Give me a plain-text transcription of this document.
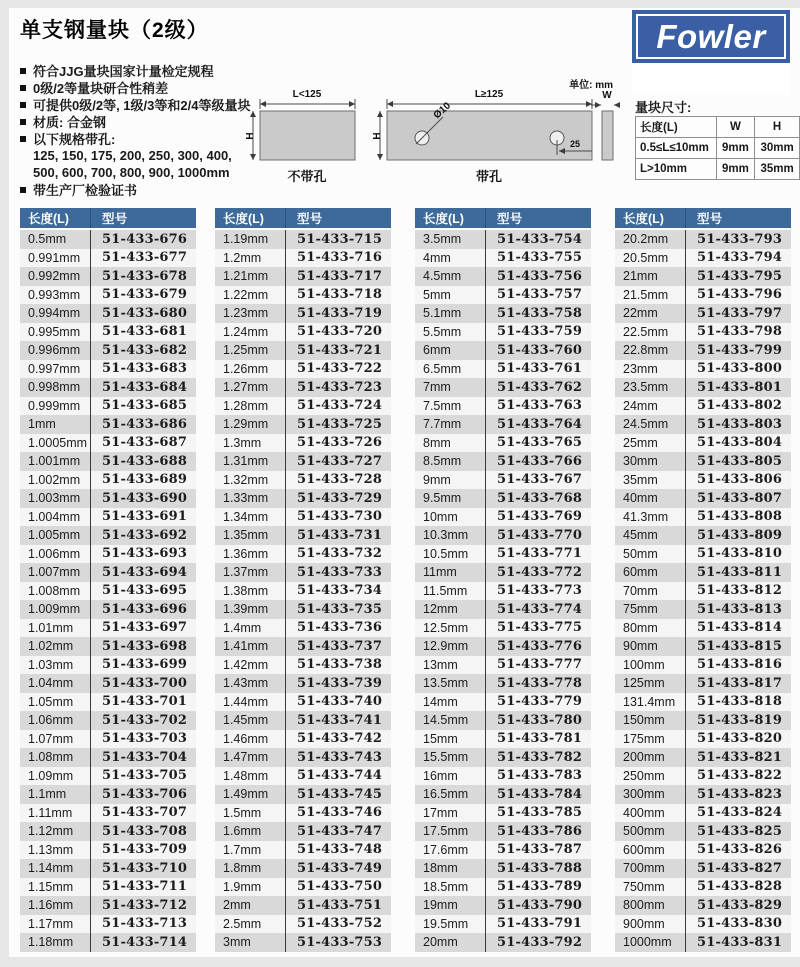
单支钢量块（2级）	Fowler
符合JJG量块国家计量检定规程
0级/2等量块研合性稍差
可提供0级/2等, 1级/3等和2/4等级量块
材质: 合金钢
以下规格带孔:
125, 150, 175, 200, 250, 300, 400,
500, 600, 700, 800, 900, 1000mm
带生产厂检验证书
单位: mm
L<125
H
不带孔
L≥125
H
Ø10
25
带孔
W
量块尺寸:
长度(L)	W	H
0.5≤L≤10mm	9mm	30mm
L>10mm	9mm	35mm
长度(L)	型号
0.5mm	51-433-676
0.991mm	51-433-677
0.992mm	51-433-678
0.993mm	51-433-679
0.994mm	51-433-680
0.995mm	51-433-681
0.996mm	51-433-682
0.997mm	51-433-683
0.998mm	51-433-684
0.999mm	51-433-685
1mm	51-433-686
1.0005mm	51-433-687
1.001mm	51-433-688
1.002mm	51-433-689
1.003mm	51-433-690
1.004mm	51-433-691
1.005mm	51-433-692
1.006mm	51-433-693
1.007mm	51-433-694
1.008mm	51-433-695
1.009mm	51-433-696
1.01mm	51-433-697
1.02mm	51-433-698
1.03mm	51-433-699
1.04mm	51-433-700
1.05mm	51-433-701
1.06mm	51-433-702
1.07mm	51-433-703
1.08mm	51-433-704
1.09mm	51-433-705
1.1mm	51-433-706
1.11mm	51-433-707
1.12mm	51-433-708
1.13mm	51-433-709
1.14mm	51-433-710
1.15mm	51-433-711
1.16mm	51-433-712
1.17mm	51-433-713
1.18mm	51-433-714
长度(L)	型号
1.19mm	51-433-715
1.2mm	51-433-716
1.21mm	51-433-717
1.22mm	51-433-718
1.23mm	51-433-719
1.24mm	51-433-720
1.25mm	51-433-721
1.26mm	51-433-722
1.27mm	51-433-723
1.28mm	51-433-724
1.29mm	51-433-725
1.3mm	51-433-726
1.31mm	51-433-727
1.32mm	51-433-728
1.33mm	51-433-729
1.34mm	51-433-730
1.35mm	51-433-731
1.36mm	51-433-732
1.37mm	51-433-733
1.38mm	51-433-734
1.39mm	51-433-735
1.4mm	51-433-736
1.41mm	51-433-737
1.42mm	51-433-738
1.43mm	51-433-739
1.44mm	51-433-740
1.45mm	51-433-741
1.46mm	51-433-742
1.47mm	51-433-743
1.48mm	51-433-744
1.49mm	51-433-745
1.5mm	51-433-746
1.6mm	51-433-747
1.7mm	51-433-748
1.8mm	51-433-749
1.9mm	51-433-750
2mm	51-433-751
2.5mm	51-433-752
3mm	51-433-753
长度(L)	型号
3.5mm	51-433-754
4mm	51-433-755
4.5mm	51-433-756
5mm	51-433-757
5.1mm	51-433-758
5.5mm	51-433-759
6mm	51-433-760
6.5mm	51-433-761
7mm	51-433-762
7.5mm	51-433-763
7.7mm	51-433-764
8mm	51-433-765
8.5mm	51-433-766
9mm	51-433-767
9.5mm	51-433-768
10mm	51-433-769
10.3mm	51-433-770
10.5mm	51-433-771
11mm	51-433-772
11.5mm	51-433-773
12mm	51-433-774
12.5mm	51-433-775
12.9mm	51-433-776
13mm	51-433-777
13.5mm	51-433-778
14mm	51-433-779
14.5mm	51-433-780
15mm	51-433-781
15.5mm	51-433-782
16mm	51-433-783
16.5mm	51-433-784
17mm	51-433-785
17.5mm	51-433-786
17.6mm	51-433-787
18mm	51-433-788
18.5mm	51-433-789
19mm	51-433-790
19.5mm	51-433-791
20mm	51-433-792
长度(L)	型号
20.2mm	51-433-793
20.5mm	51-433-794
21mm	51-433-795
21.5mm	51-433-796
22mm	51-433-797
22.5mm	51-433-798
22.8mm	51-433-799
23mm	51-433-800
23.5mm	51-433-801
24mm	51-433-802
24.5mm	51-433-803
25mm	51-433-804
30mm	51-433-805
35mm	51-433-806
40mm	51-433-807
41.3mm	51-433-808
45mm	51-433-809
50mm	51-433-810
60mm	51-433-811
70mm	51-433-812
75mm	51-433-813
80mm	51-433-814
90mm	51-433-815
100mm	51-433-816
125mm	51-433-817
131.4mm	51-433-818
150mm	51-433-819
175mm	51-433-820
200mm	51-433-821
250mm	51-433-822
300mm	51-433-823
400mm	51-433-824
500mm	51-433-825
600mm	51-433-826
700mm	51-433-827
750mm	51-433-828
800mm	51-433-829
900mm	51-433-830
1000mm	51-433-831
